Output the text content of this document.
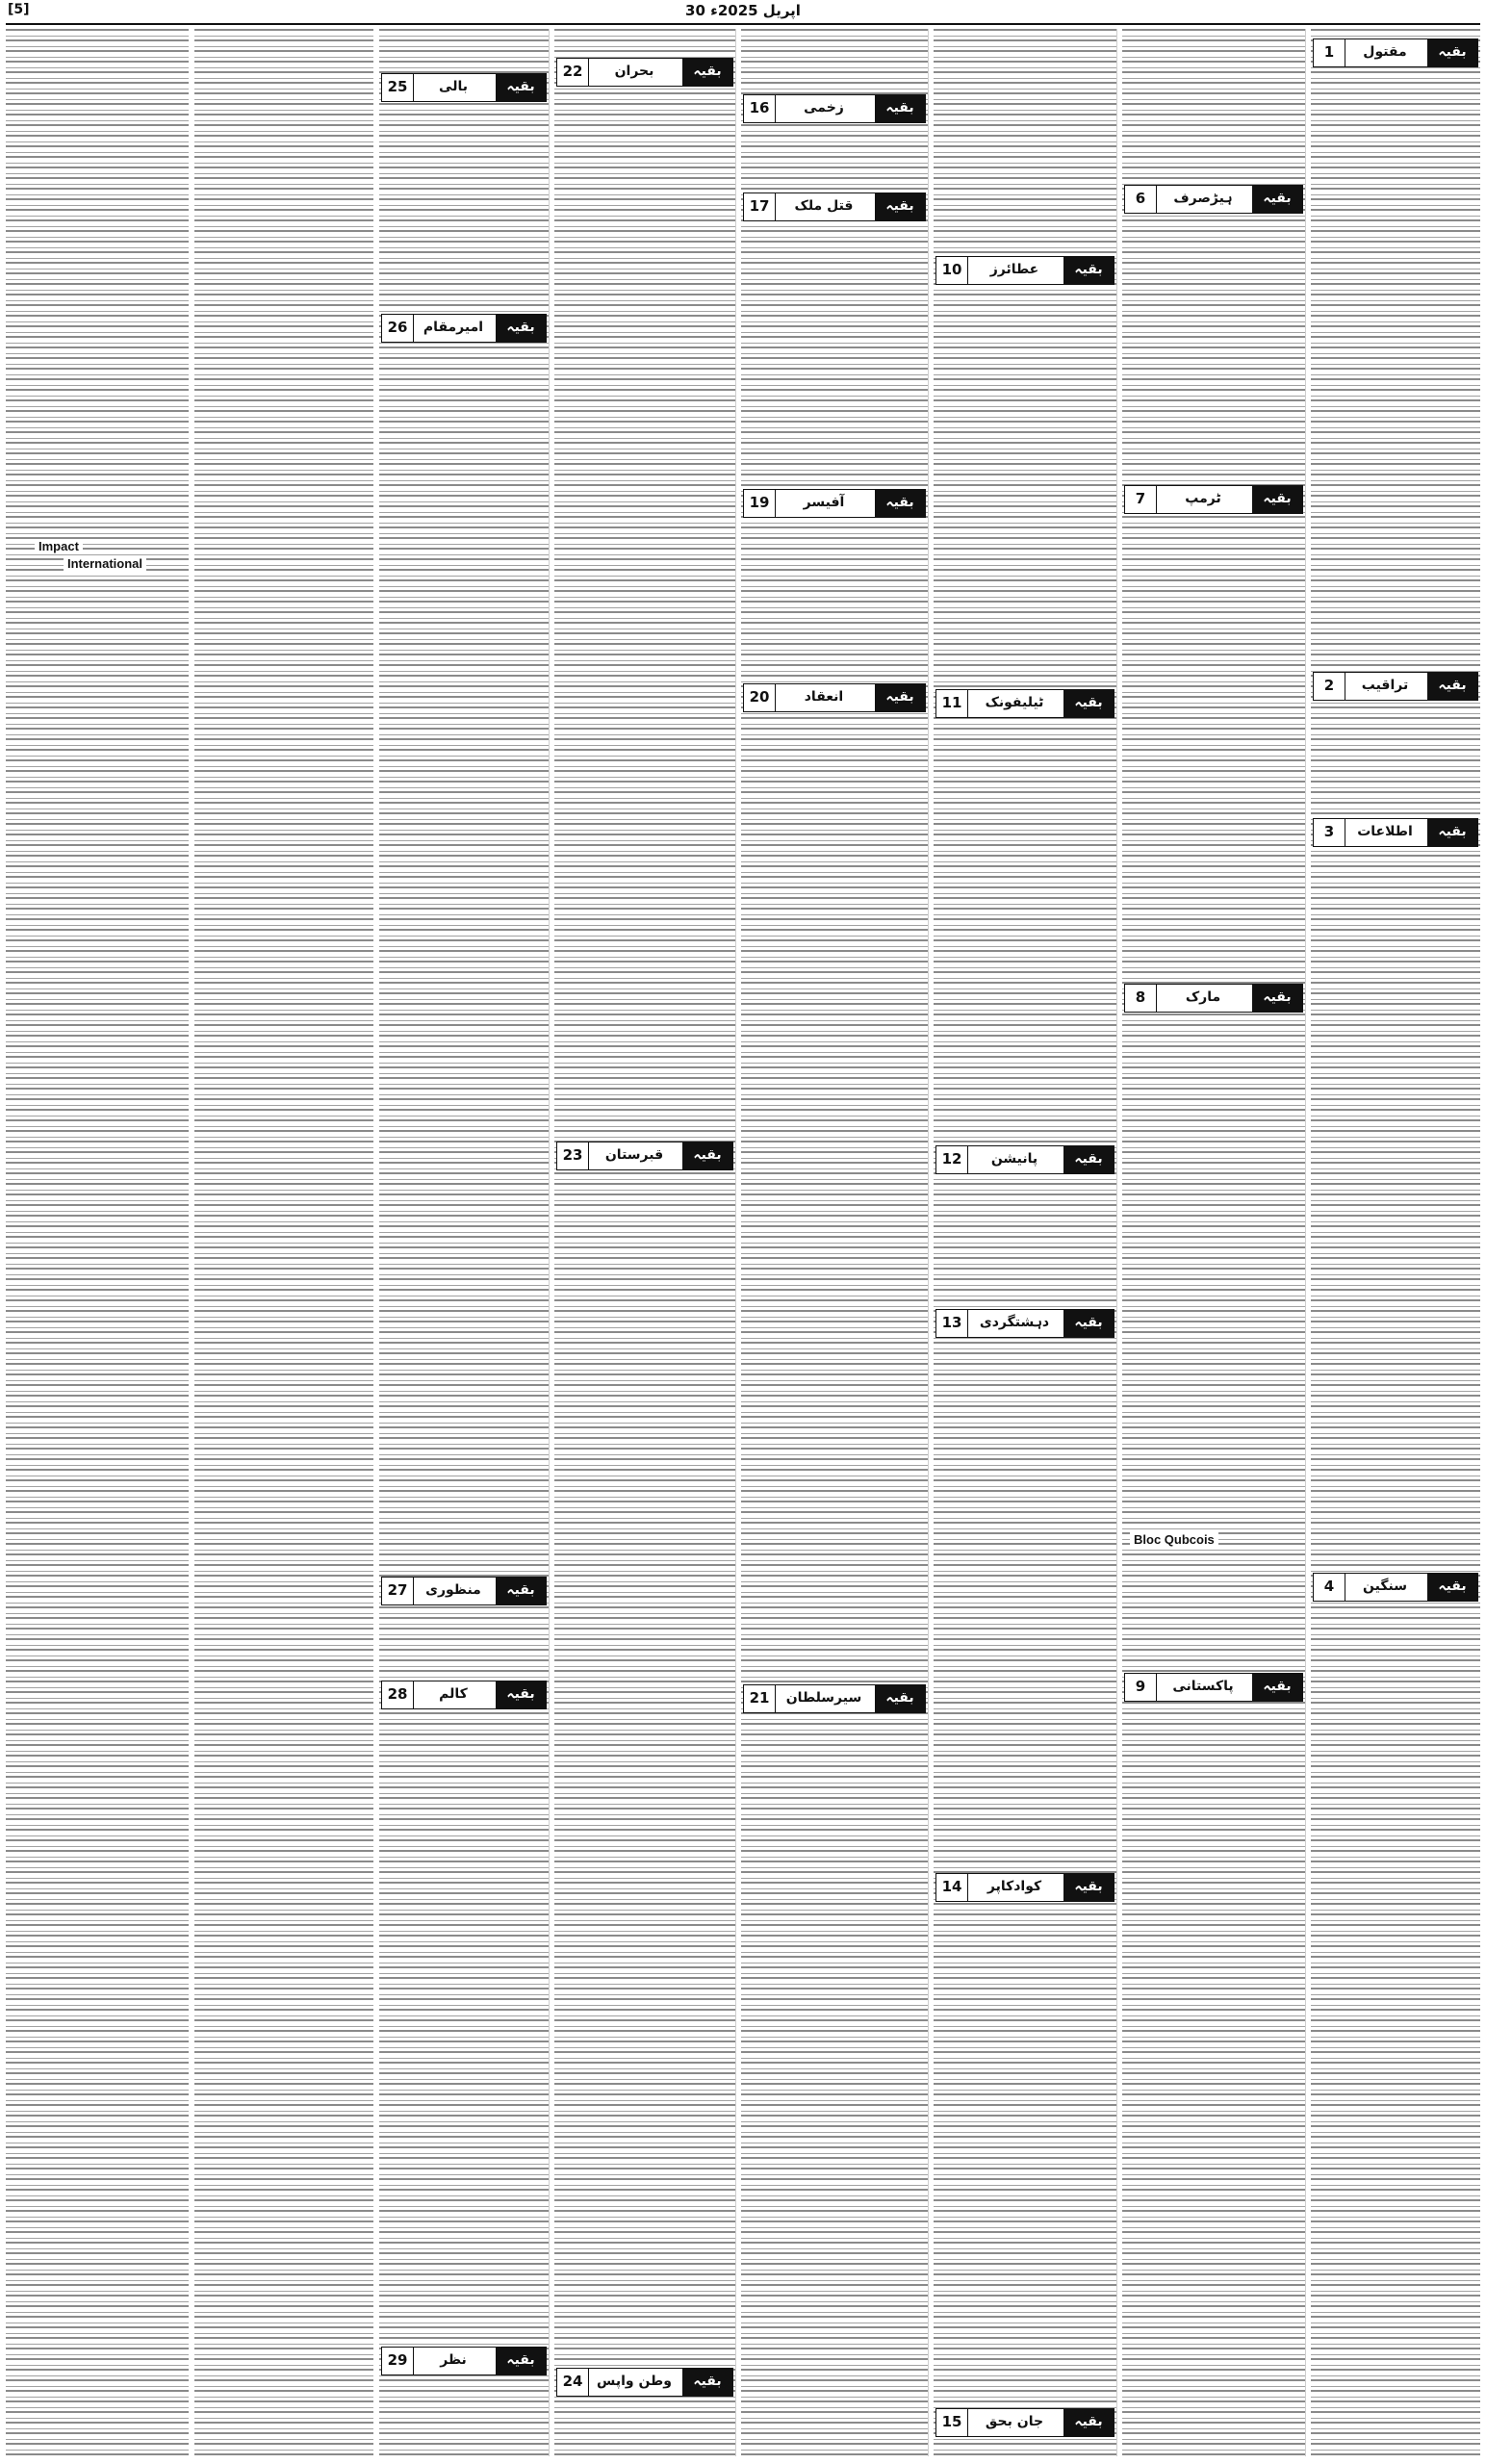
[5]	30 اپریل 2025ء
بقیہ
مقتول
1
بقیہ
تراقیب
2
بقیہ
اطلاعات
3
بقیہ
سنگین
4
بقیہ
ہیڑصرف
6
بقیہ
ٹرمپ
7
بقیہ
مارک
8
بقیہ
پاکستانی
9
بقیہ
عطائرز
10
بقیہ
ٹیلیفونک
11
بقیہ
پانیشن
12
بقیہ
دہشتگردی
13
بقیہ
کوادکاپر
14
بقیہ
جان بحق
15
بقیہ
زخمی
16
بقیہ
قتل ملک
17
بقیہ
آفیسر
19
بقیہ
انعقاد
20
بقیہ
سیرسلطان
21
بقیہ
بحران
22
بقیہ
قبرستان
23
بقیہ
وطن واپس
24
بقیہ
بالی
25
بقیہ
امیرمقام
26
بقیہ
منظوری
27
بقیہ
کالم
28
بقیہ
نظر
29
Impact
International
Bloc Qubcois
